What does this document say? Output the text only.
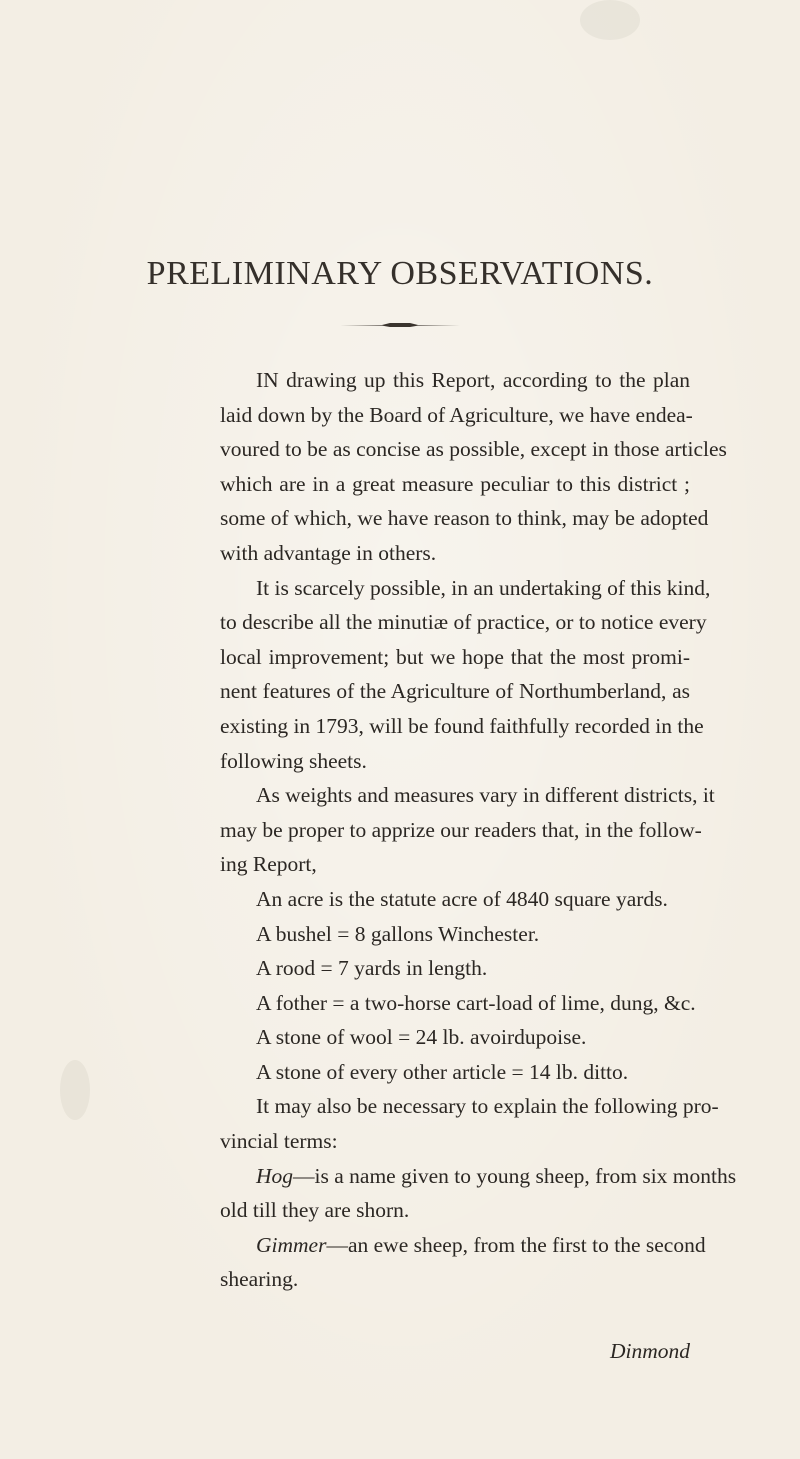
PRELIMINARY OBSERVATIONS.
IN drawing up this Report, according to the plan
laid down by the Board of Agriculture, we have endea-
voured to be as concise as possible, except in those articles
which are in a great measure peculiar to this district ;
some of which, we have reason to think, may be adopted
with advantage in others.
It is scarcely possible, in an undertaking of this kind,
to describe all the minutiæ of practice, or to notice every
local improvement; but we hope that the most promi-
nent features of the Agriculture of Northumberland, as
existing in 1793, will be found faithfully recorded in the
following sheets.
As weights and measures vary in different districts, it
may be proper to apprize our readers that, in the follow-
ing Report,
An acre is the statute acre of 4840 square yards.
A bushel = 8 gallons Winchester.
A rood = 7 yards in length.
A fother = a two-horse cart-load of lime, dung, &c.
A stone of wool = 24 lb. avoirdupoise.
A stone of every other article = 14 lb. ditto.
It may also be necessary to explain the following pro-
vincial terms:
Hog—is a name given to young sheep, from six months
old till they are shorn.
Gimmer—an ewe sheep, from the first to the second
shearing.
Dinmond
